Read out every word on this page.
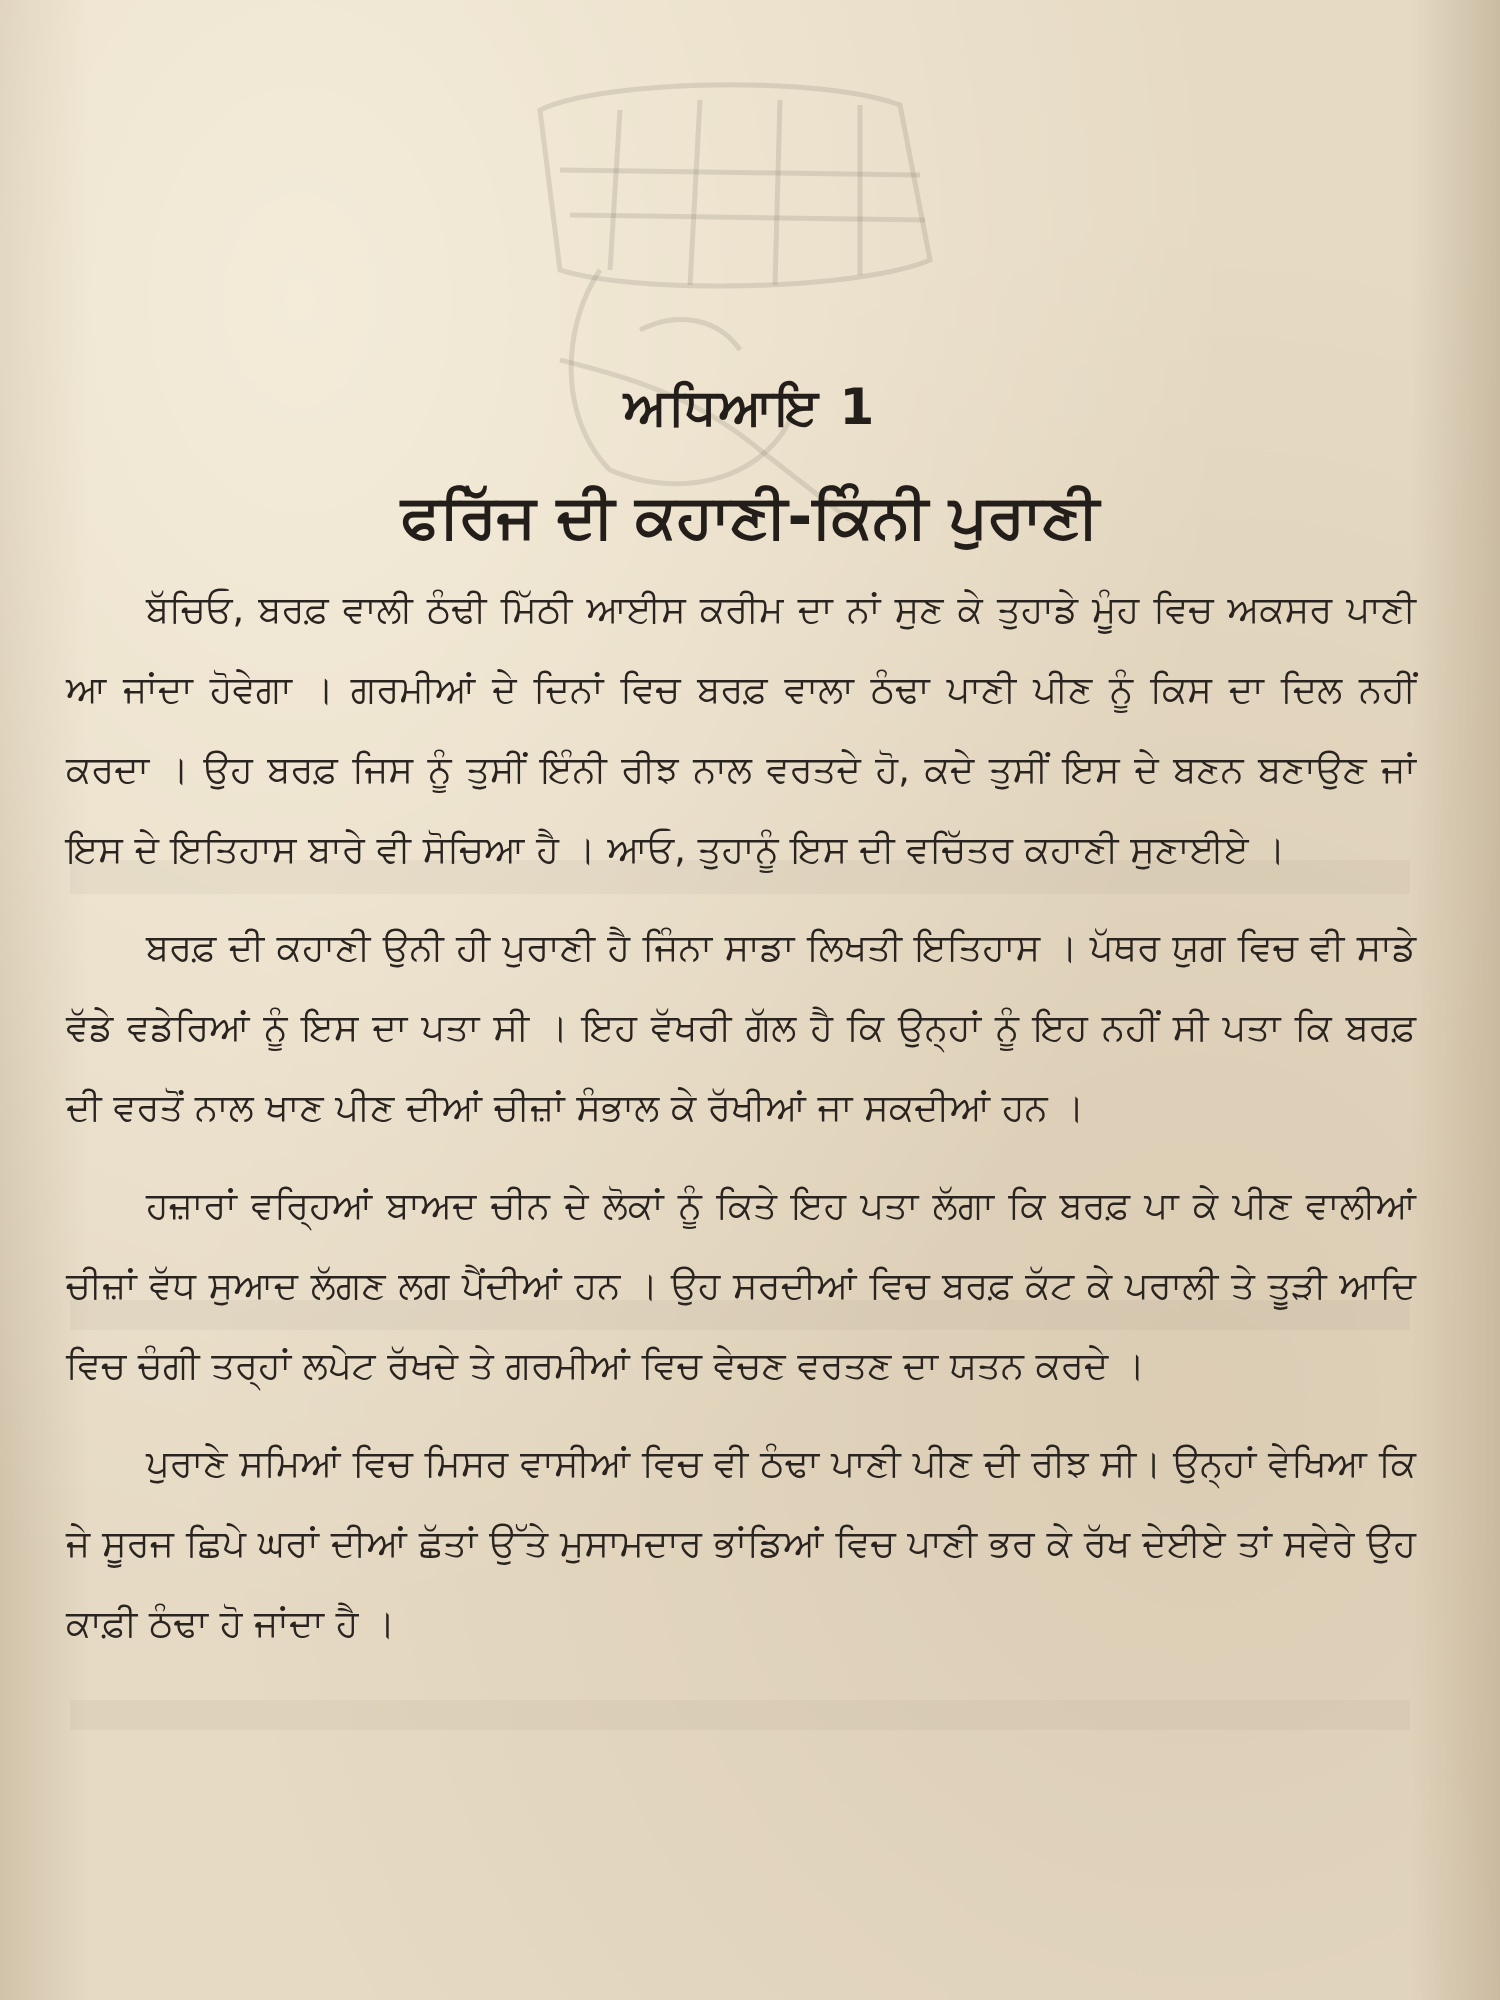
ਅਧਿਆਇ 1
ਫਰਿੱਜ ਦੀ ਕਹਾਣੀ-ਕਿੰਨੀ ਪੁਰਾਣੀ

ਬੱਚਿਓ, ਬਰਫ਼ ਵਾਲੀ ਠੰਢੀ ਮਿੱਠੀ ਆਈਸ ਕਰੀਮ ਦਾ ਨਾਂ ਸੁਣ ਕੇ ਤੁਹਾਡੇ ਮੂੰਹ ਵਿਚ ਅਕਸਰ ਪਾਣੀ ਆ ਜਾਂਦਾ ਹੋਵੇਗਾ । ਗਰਮੀਆਂ ਦੇ ਦਿਨਾਂ ਵਿਚ ਬਰਫ਼ ਵਾਲਾ ਠੰਢਾ ਪਾਣੀ ਪੀਣ ਨੂੰ ਕਿਸ ਦਾ ਦਿਲ ਨਹੀਂ ਕਰਦਾ । ਉਹ ਬਰਫ਼ ਜਿਸ ਨੂੰ ਤੁਸੀਂ ਇੰਨੀ ਰੀਝ ਨਾਲ ਵਰਤਦੇ ਹੋ, ਕਦੇ ਤੁਸੀਂ ਇਸ ਦੇ ਬਣਨ ਬਣਾਉਣ ਜਾਂ ਇਸ ਦੇ ਇਤਿਹਾਸ ਬਾਰੇ ਵੀ ਸੋਚਿਆ ਹੈ । ਆਓ, ਤੁਹਾਨੂੰ ਇਸ ਦੀ ਵਚਿੱਤਰ ਕਹਾਣੀ ਸੁਣਾਈਏ ।

ਬਰਫ਼ ਦੀ ਕਹਾਣੀ ਉਨੀ ਹੀ ਪੁਰਾਣੀ ਹੈ ਜਿੰਨਾ ਸਾਡਾ ਲਿਖਤੀ ਇਤਿਹਾਸ । ਪੱਥਰ ਯੁਗ ਵਿਚ ਵੀ ਸਾਡੇ ਵੱਡੇ ਵਡੇਰਿਆਂ ਨੂੰ ਇਸ ਦਾ ਪਤਾ ਸੀ । ਇਹ ਵੱਖਰੀ ਗੱਲ ਹੈ ਕਿ ਉਨ੍ਹਾਂ ਨੂੰ ਇਹ ਨਹੀਂ ਸੀ ਪਤਾ ਕਿ ਬਰਫ਼ ਦੀ ਵਰਤੋਂ ਨਾਲ ਖਾਣ ਪੀਣ ਦੀਆਂ ਚੀਜ਼ਾਂ ਸੰਭਾਲ ਕੇ ਰੱਖੀਆਂ ਜਾ ਸਕਦੀਆਂ ਹਨ ।

ਹਜ਼ਾਰਾਂ ਵਰ੍ਹਿਆਂ ਬਾਅਦ ਚੀਨ ਦੇ ਲੋਕਾਂ ਨੂੰ ਕਿਤੇ ਇਹ ਪਤਾ ਲੱਗਾ ਕਿ ਬਰਫ਼ ਪਾ ਕੇ ਪੀਣ ਵਾਲੀਆਂ ਚੀਜ਼ਾਂ ਵੱਧ ਸੁਆਦ ਲੱਗਣ ਲਗ ਪੈਂਦੀਆਂ ਹਨ । ਉਹ ਸਰਦੀਆਂ ਵਿਚ ਬਰਫ਼ ਕੱਟ ਕੇ ਪਰਾਲੀ ਤੇ ਤੂੜੀ ਆਦਿ ਵਿਚ ਚੰਗੀ ਤਰ੍ਹਾਂ ਲਪੇਟ ਰੱਖਦੇ ਤੇ ਗਰਮੀਆਂ ਵਿਚ ਵੇਚਣ ਵਰਤਣ ਦਾ ਯਤਨ ਕਰਦੇ ।

ਪੁਰਾਣੇ ਸਮਿਆਂ ਵਿਚ ਮਿਸਰ ਵਾਸੀਆਂ ਵਿਚ ਵੀ ਠੰਢਾ ਪਾਣੀ ਪੀਣ ਦੀ ਰੀਝ ਸੀ। ਉਨ੍ਹਾਂ ਵੇਖਿਆ ਕਿ ਜੇ ਸੂਰਜ ਛਿਪੇ ਘਰਾਂ ਦੀਆਂ ਛੱਤਾਂ ਉੱਤੇ ਮੁਸਾਮਦਾਰ ਭਾਂਡਿਆਂ ਵਿਚ ਪਾਣੀ ਭਰ ਕੇ ਰੱਖ ਦੇਈਏ ਤਾਂ ਸਵੇਰੇ ਉਹ ਕਾਫ਼ੀ ਠੰਢਾ ਹੋ ਜਾਂਦਾ ਹੈ ।
